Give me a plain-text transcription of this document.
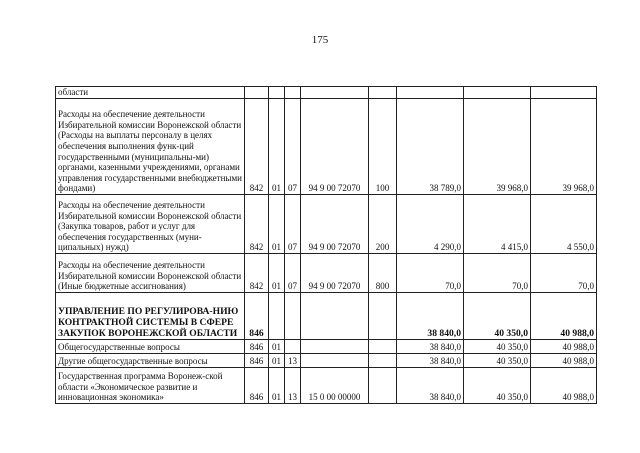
175
области								
Расходы на обеспечение деятельности Избирательной комиссии Воронежской области (Расходы на выплаты персоналу в целях обеспечения выполнения функ-ций государственными (муниципальны-ми) органами, казенными учреждениями, органами управления государственными внебюджетными фондами)	842	01	07	94 9 00 72070	100	38 789,0	39 968,0	39 968,0
Расходы на обеспечение деятельности Избирательной комиссии Воронежской области (Закупка товаров, работ и услуг для обеспечения государственных (муни-ципальных) нужд)	842	01	07	94 9 00 72070	200	4 290,0	4 415,0	4 550,0
Расходы на обеспечение деятельности Избирательной комиссии Воронежской области (Иные бюджетные ассигнования)	842	01	07	94 9 00 72070	800	70,0	70,0	70,0
УПРАВЛЕНИЕ ПО РЕГУЛИРОВА-НИЮ КОНТРАКТНОЙ СИСТЕМЫ В СФЕРЕ ЗАКУПОК ВОРОНЕЖСКОЙ ОБЛАСТИ	846					38 840,0	40 350,0	40 988,0
Общегосударственные вопросы	846	01				38 840,0	40 350,0	40 988,0
Другие общегосударственные вопросы	846	01	13			38 840,0	40 350,0	40 988,0
Государственная программа Воронеж-ской области «Экономическое развитие и инновационная экономика»	846	01	13	15 0 00 00000		38 840,0	40 350,0	40 988,0
